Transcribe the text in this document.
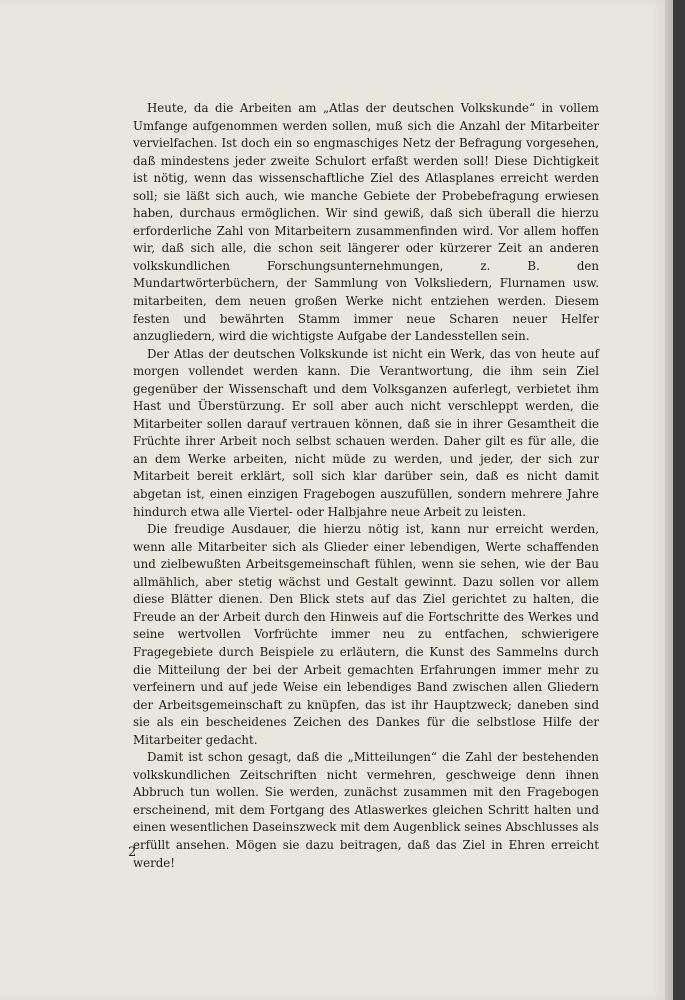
Heute, da die Arbeiten am „Atlas der deutschen Volkskunde“ in vollem Umfange aufgenommen werden sollen, muß sich die Anzahl der Mitarbeiter vervielfachen. Ist doch ein so engmaschiges Netz der Befragung vorgesehen, daß mindestens jeder zweite Schulort erfaßt werden soll! Diese Dichtigkeit ist nötig, wenn das wissenschaftliche Ziel des Atlasplanes erreicht werden soll; sie läßt sich auch, wie manche Gebiete der Probebefragung erwiesen haben, durchaus ermöglichen. Wir sind gewiß, daß sich überall die hierzu erforderliche Zahl von Mitarbeitern zusammenfinden wird. Vor allem hoffen wir, daß sich alle, die schon seit längerer oder kürzerer Zeit an anderen volkskundlichen Forschungsunternehmungen, z. B. den Mundartwörterbüchern, der Sammlung von Volksliedern, Flurnamen usw. mitarbeiten, dem neuen großen Werke nicht entziehen werden. Diesem festen und bewährten Stamm immer neue Scharen neuer Helfer anzugliedern, wird die wichtigste Aufgabe der Landesstellen sein.

Der Atlas der deutschen Volkskunde ist nicht ein Werk, das von heute auf morgen vollendet werden kann. Die Verantwortung, die ihm sein Ziel gegenüber der Wissenschaft und dem Volksganzen auferlegt, verbietet ihm Hast und Überstürzung. Er soll aber auch nicht verschleppt werden, die Mitarbeiter sollen darauf vertrauen können, daß sie in ihrer Gesamtheit die Früchte ihrer Arbeit noch selbst schauen werden. Daher gilt es für alle, die an dem Werke arbeiten, nicht müde zu werden, und jeder, der sich zur Mitarbeit bereit erklärt, soll sich klar darüber sein, daß es nicht damit abgetan ist, einen einzigen Fragebogen auszufüllen, sondern mehrere Jahre hindurch etwa alle Viertel- oder Halbjahre neue Arbeit zu leisten.

Die freudige Ausdauer, die hierzu nötig ist, kann nur erreicht werden, wenn alle Mitarbeiter sich als Glieder einer lebendigen, Werte schaffenden und zielbewußten Arbeitsgemeinschaft fühlen, wenn sie sehen, wie der Bau allmählich, aber stetig wächst und Gestalt gewinnt. Dazu sollen vor allem diese Blätter dienen. Den Blick stets auf das Ziel gerichtet zu halten, die Freude an der Arbeit durch den Hinweis auf die Fortschritte des Werkes und seine wertvollen Vorfrüchte immer neu zu entfachen, schwierigere Fragegebiete durch Beispiele zu erläutern, die Kunst des Sammelns durch die Mitteilung der bei der Arbeit gemachten Erfahrungen immer mehr zu verfeinern und auf jede Weise ein lebendiges Band zwischen allen Gliedern der Arbeitsgemeinschaft zu knüpfen, das ist ihr Hauptzweck; daneben sind sie als ein bescheidenes Zeichen des Dankes für die selbstlose Hilfe der Mitarbeiter gedacht.

Damit ist schon gesagt, daß die „Mitteilungen“ die Zahl der bestehenden volkskundlichen Zeitschriften nicht vermehren, geschweige denn ihnen Abbruch tun wollen. Sie werden, zunächst zusammen mit den Fragebogen erscheinend, mit dem Fortgang des Atlaswerkes gleichen Schritt halten und einen wesentlichen Daseinszweck mit dem Augenblick seines Abschlusses als erfüllt ansehen. Mögen sie dazu beitragen, daß das Ziel in Ehren erreicht werde!

2
